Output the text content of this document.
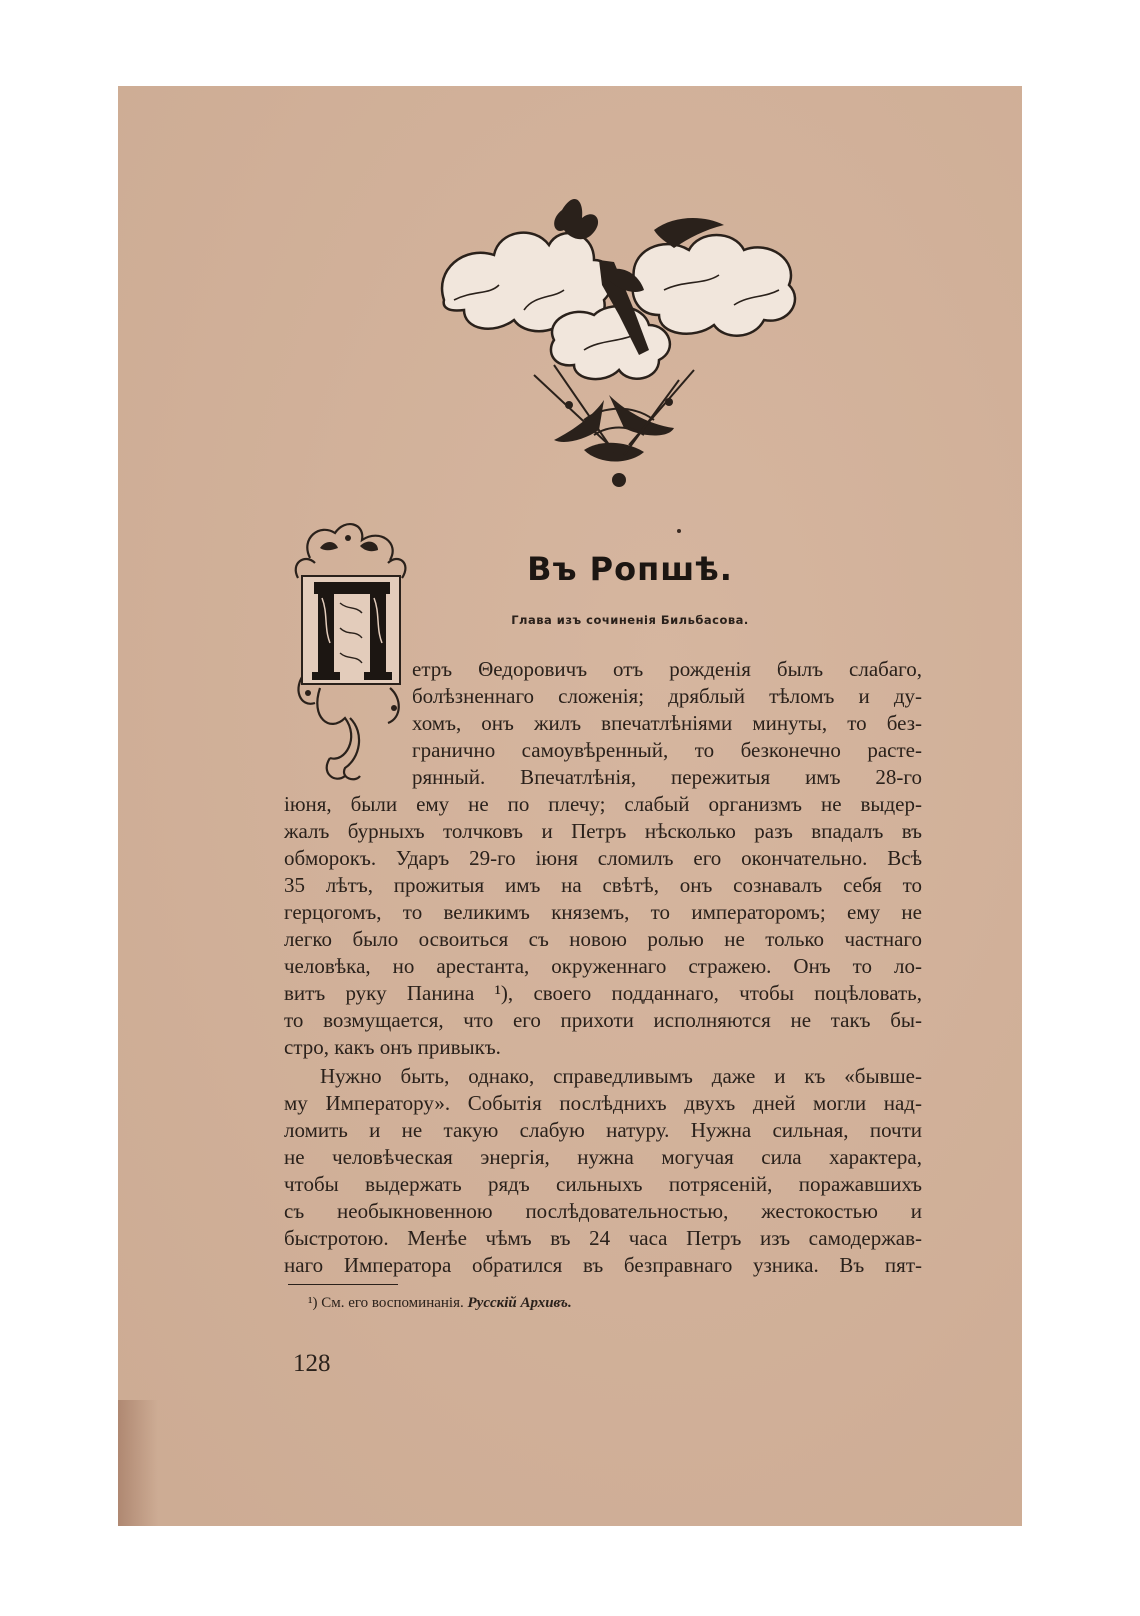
Въ Ропшѣ.
Глава изъ сочиненія Бильбасова.
етръ Θедоровичъ отъ рожденія былъ слабаго,
болѣзненнаго сложенія; дряблый тѣломъ и ду-
хомъ, онъ жилъ впечатлѣніями минуты, то без-
гранично самоувѣренный, то безконечно расте-
рянный. Впечатлѣнія, пережитыя имъ 28-го
іюня, были ему не по плечу; слабый организмъ не выдер-
жалъ бурныхъ толчковъ и Петръ нѣсколько разъ впадалъ въ
обморокъ. Ударъ 29-го іюня сломилъ его окончательно. Всѣ
35 лѣтъ, прожитыя имъ на свѣтѣ, онъ сознавалъ себя то
герцогомъ, то великимъ княземъ, то императоромъ; ему не
легко было освоиться съ новою ролью не только частнаго
человѣка, но арестанта, окруженнаго стражею. Онъ то ло-
витъ руку Панина ¹), своего подданнаго, чтобы поцѣловать,
то возмущается, что его прихоти исполняются не такъ бы-
стро, какъ онъ привыкъ.
Нужно быть, однако, справедливымъ даже и къ «бывше-
му Императору». Событія послѣднихъ двухъ дней могли над-
ломить и не такую слабую натуру. Нужна сильная, почти
не человѣческая энергія, нужна могучая сила характера,
чтобы выдержать рядъ сильныхъ потрясеній, поражавшихъ
съ необыкновенною послѣдовательностью, жестокостью и
быстротою. Менѣе чѣмъ въ 24 часа Петръ изъ самодержав-
наго Императора обратился въ безправнаго узника. Въ пят-
¹) См. его воспоминанія. Русскій Архивъ.
128
